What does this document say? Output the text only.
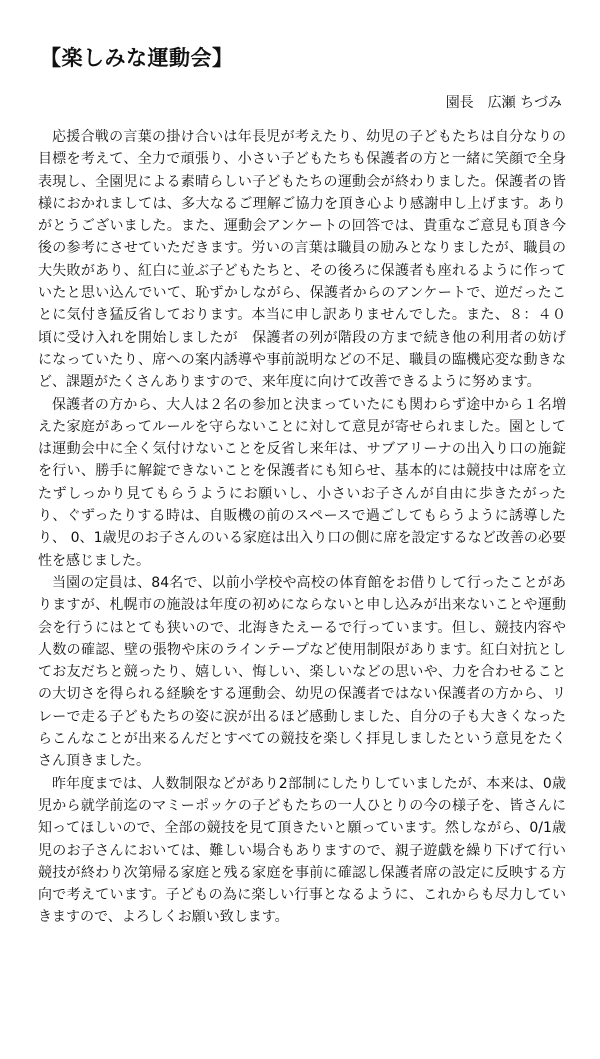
【楽しみな運動会】
園長　広瀬 ちづみ

応援合戦の言葉の掛け合いは年長児が考えたり、幼児の子どもたちは自分なりの目標を考えて、全力で頑張り、小さい子どもたちも保護者の方と一緒に笑顔で全身表現し、全園児による素晴らしい子どもたちの運動会が終わりました。保護者の皆様におかれましては、多大なるご理解ご協力を頂き心より感謝申し上げます。ありがとうございました。また、運動会アンケートの回答では、貴重なご意見も頂き今後の参考にさせていただきます。労いの言葉は職員の励みとなりましたが、職員の大失敗があり、紅白に並ぶ子どもたちと、その後ろに保護者も座れるように作っていたと思い込んでいて、恥ずかしながら、保護者からのアンケートで、逆だったことに気付き猛反省しております。本当に申し訳ありませんでした。また、８：４０頃に受け入れを開始しましたが　保護者の列が階段の方まで続き他の利用者の妨げになっていたり、席への案内誘導や事前説明などの不足、職員の臨機応変な動きなど、課題がたくさんありますので、来年度に向けて改善できるように努めます。

保護者の方から、大人は２名の参加と決まっていたにも関わらず途中から１名増えた家庭があってルールを守らないことに対して意見が寄せられました。園としては運動会中に全く気付けないことを反省し来年は、サブアリーナの出入り口の施錠を行い、勝手に解錠できないことを保護者にも知らせ、基本的には競技中は席を立たずしっかり見てもらうようにお願いし、小さいお子さんが自由に歩きたがったり、ぐずったりする時は、自販機の前のスペースで過ごしてもらうように誘導したり、 0、1歳児のお子さんのいる家庭は出入り口の側に席を設定するなど改善の必要性を感じました。

当園の定員は、84名で、以前小学校や高校の体育館をお借りして行ったことがありますが、札幌市の施設は年度の初めにならないと申し込みが出来ないことや運動会を行うにはとても狭いので、北海きたえーるで行っています。但し、競技内容や人数の確認、壁の張物や床のラインテープなど使用制限があります。紅白対抗としてお友だちと競ったり、嬉しい、悔しい、楽しいなどの思いや、力を合わせることの大切さを得られる経験をする運動会、幼児の保護者ではない保護者の方から、リレーで走る子どもたちの姿に涙が出るほど感動しました、自分の子も大きくなったらこんなことが出来るんだとすべての競技を楽しく拝見しましたという意見をたくさん頂きました。

昨年度までは、人数制限などがあり2部制にしたりしていましたが、本来は、0歳児から就学前迄のマミーポッケの子どもたちの一人ひとりの今の様子を、皆さんに知ってほしいので、全部の競技を見て頂きたいと願っています。然しながら、0/1歳児のお子さんにおいては、難しい場合もありますので、親子遊戯を繰り下げて行い競技が終わり次第帰る家庭と残る家庭を事前に確認し保護者席の設定に反映する方向で考えています。子どもの為に楽しい行事となるように、これからも尽力していきますので、よろしくお願い致します。
